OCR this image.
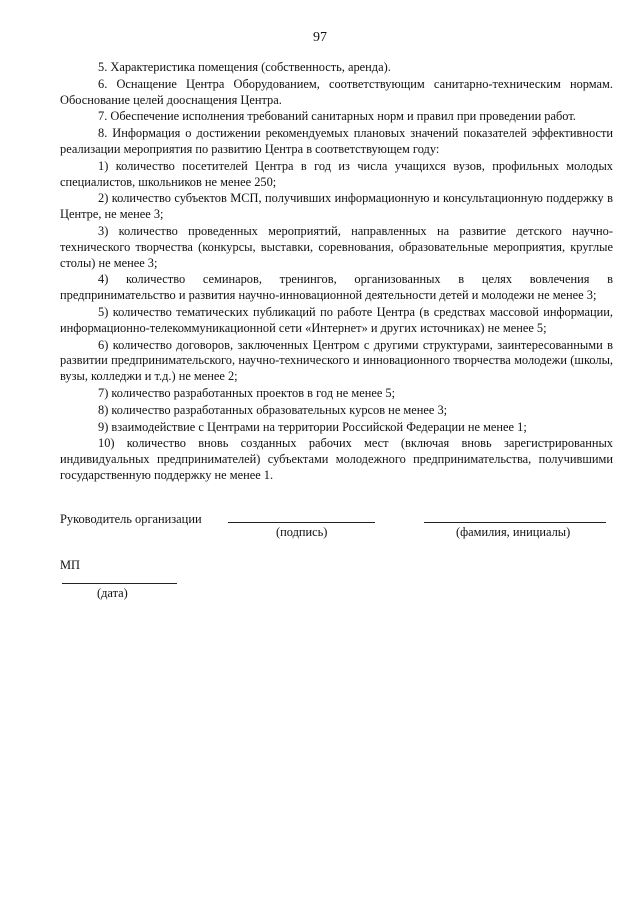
97

5. Характеристика помещения (собственность, аренда).

6. Оснащение Центра Оборудованием, соответствующим санитарно-техническим нормам. Обоснование целей дооснащения Центра.

7. Обеспечение исполнения требований санитарных норм и правил при проведении работ.

8. Информация о достижении рекомендуемых плановых значений показателей эффективности реализации мероприятия по развитию Центра в соответствующем году:

1) количество посетителей Центра в год из числа учащихся вузов, профильных молодых специалистов, школьников не менее 250;

2) количество субъектов МСП, получивших информационную и консультационную поддержку в Центре, не менее 3;

3) количество проведенных мероприятий, направленных на развитие детского научно-технического творчества (конкурсы, выставки, соревнования, образовательные мероприятия, круглые столы) не менее 3;

4) количество семинаров, тренингов, организованных в целях вовлечения в предпринимательство и развития научно-инновационной деятельности детей и молодежи не менее 3;

5) количество тематических публикаций по работе Центра (в средствах массовой информации, информационно-телекоммуникационной сети «Интернет» и других источниках) не менее 5;

6) количество договоров, заключенных Центром с другими структурами, заинтересованными в развитии предпринимательского, научно-технического и инновационного творчества молодежи (школы, вузы, колледжи и т.д.) не менее 2;

7) количество разработанных проектов в год не менее 5;

8) количество разработанных образовательных курсов не менее 3;

9) взаимодействие с Центрами на территории Российской Федерации не менее 1;

10) количество вновь созданных рабочих мест (включая вновь зарегистрированных индивидуальных предпринимателей) субъектами молодежного предпринимательства, получившими государственную поддержку не менее 1.

Руководитель организации
(подпись)	(фамилия, инициалы)
МП
(дата)
